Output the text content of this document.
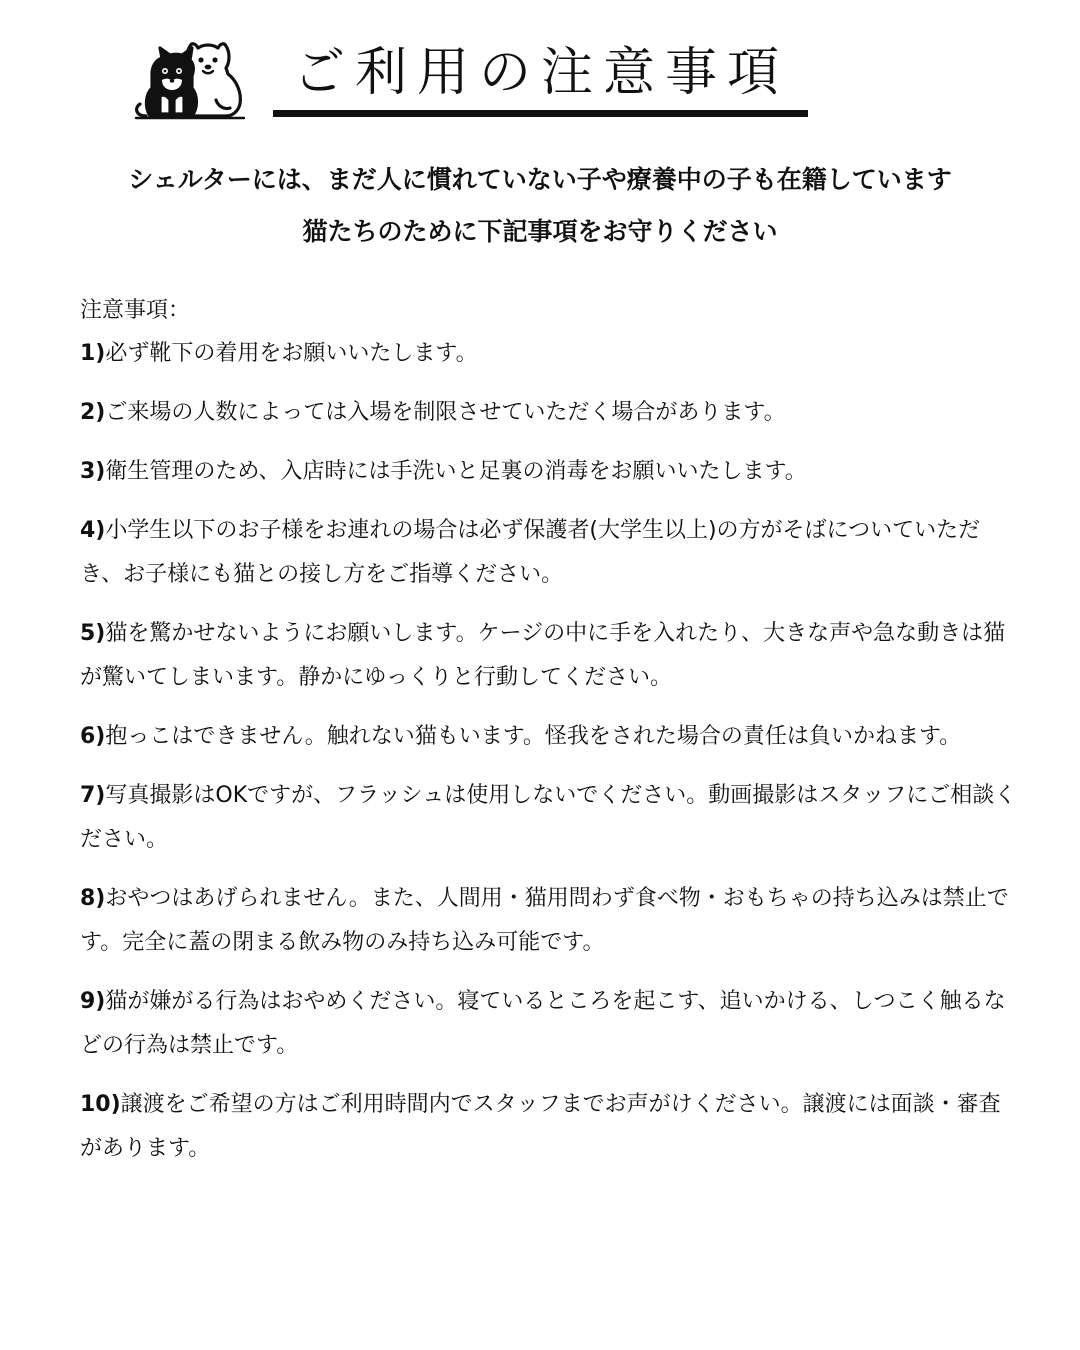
ご利用の注意事項

シェルターには、まだ人に慣れていない子や療養中の子も在籍しています

猫たちのために下記事項をお守りください

注意事項：

1)必ず靴下の着用をお願いいたします。

2)ご来場の人数によっては入場を制限させていただく場合があります。

3)衛生管理のため、入店時には手洗いと足裏の消毒をお願いいたします。

4)小学生以下のお子様をお連れの場合は必ず保護者(大学生以上)の方がそばについていただき、お子様にも猫との接し方をご指導ください。

5)猫を驚かせないようにお願いします。ケージの中に手を入れたり、大きな声や急な動きは猫が驚いてしまいます。静かにゆっくりと行動してください。

6)抱っこはできません。触れない猫もいます。怪我をされた場合の責任は負いかねます。

7)写真撮影はOKですが、フラッシュは使用しないでください。動画撮影はスタッフにご相談ください。

8)おやつはあげられません。また、人間用・猫用問わず食べ物・おもちゃの持ち込みは禁止です。完全に蓋の閉まる飲み物のみ持ち込み可能です。

9)猫が嫌がる行為はおやめください。寝ているところを起こす、追いかける、しつこく触るなどの行為は禁止です。

10)譲渡をご希望の方はご利用時間内でスタッフまでお声がけください。譲渡には面談・審査があります。
